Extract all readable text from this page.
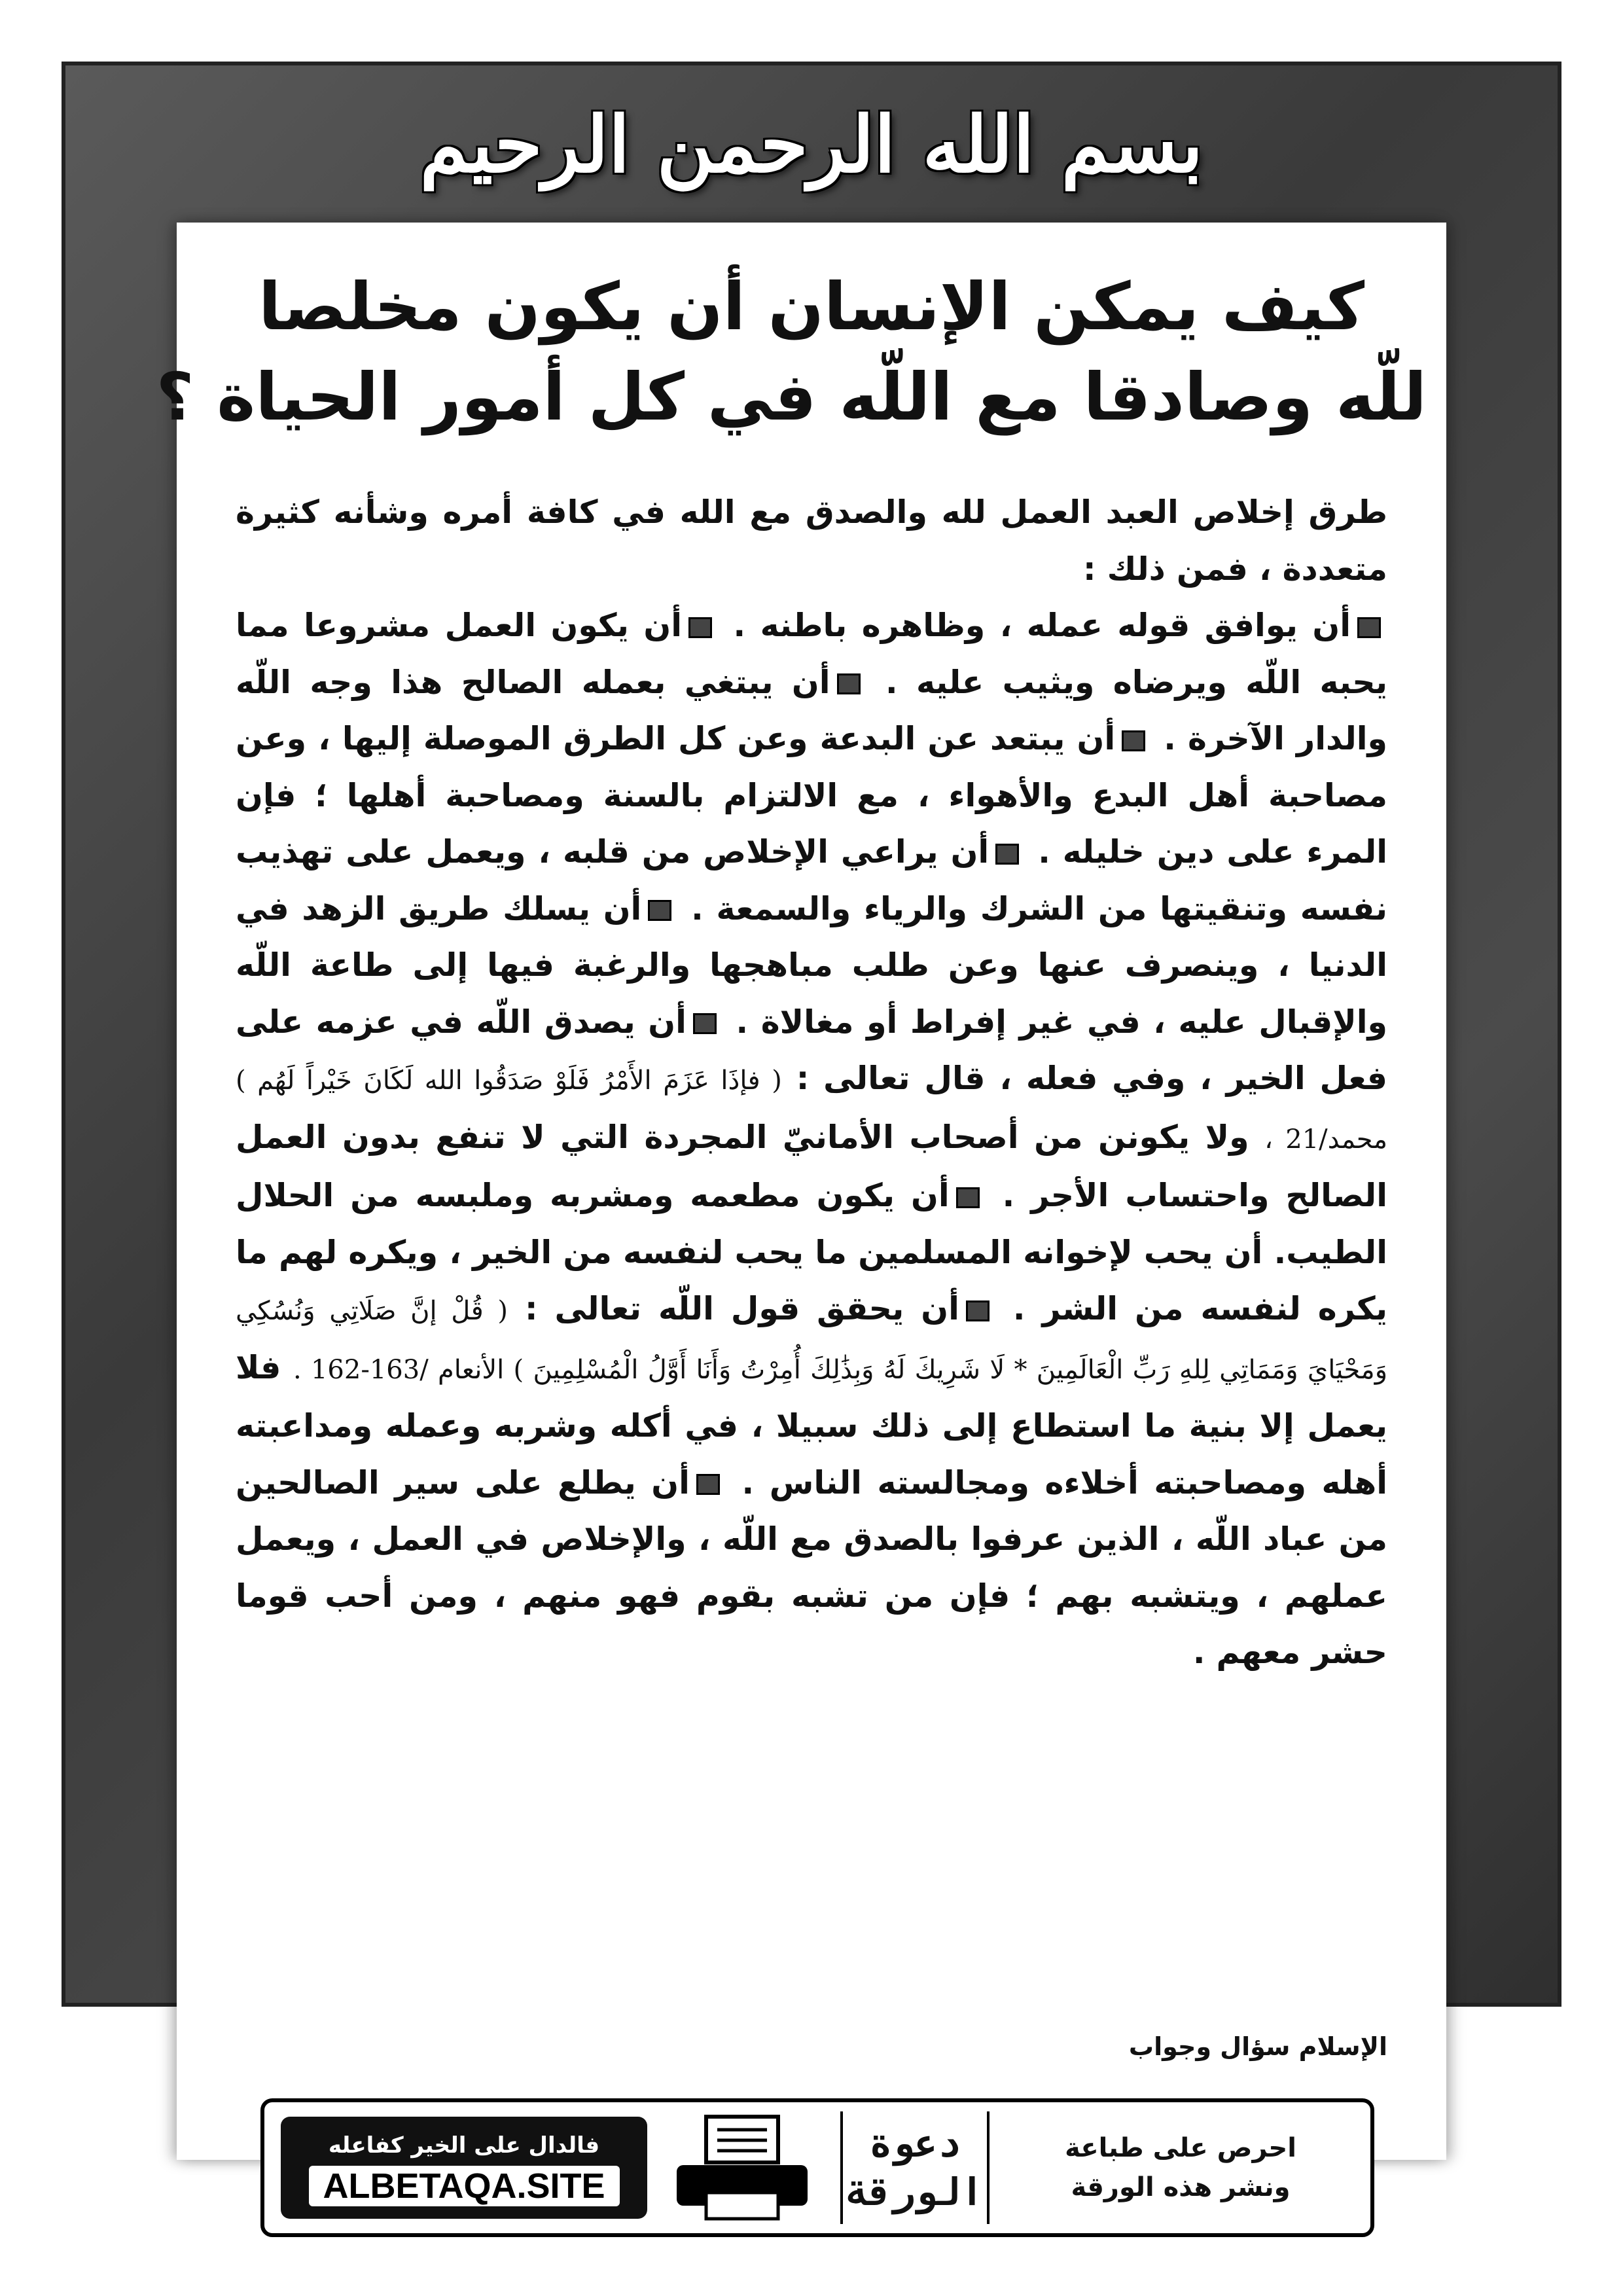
بسم الله الرحمن الرحيم
كيف يمكن الإنسان أن يكون مخلصا
للّه وصادقا مع اللّه في كل أمور الحياة ؟
طرق إخلاص العبد العمل لله والصدق مع الله في كافة أمره وشأنه كثيرة متعددة ، فمن ذلك :
أن يوافق قوله عمله ، وظاهره باطنه . أن يكون العمل مشروعا مما يحبه اللّه ويرضاه ويثيب عليه . أن يبتغي بعمله الصالح هذا وجه اللّه والدار الآخرة . أن يبتعد عن البدعة وعن كل الطرق الموصلة إليها ، وعن مصاحبة أهل البدع والأهواء ، مع الالتزام بالسنة ومصاحبة أهلها ؛ فإن المرء على دين خليله . أن يراعي الإخلاص من قلبه ، ويعمل على تهذيب نفسه وتنقيتها من الشرك والرياء والسمعة . أن يسلك طريق الزهد في الدنيا ، وينصرف عنها وعن طلب مباهجها والرغبة فيها إلى طاعة اللّه والإقبال عليه ، في غير إفراط أو مغالاة . أن يصدق اللّه في عزمه على فعل الخير ، وفي فعله ، قال تعالى : ( فإذَا عَزَمَ الأَمْرُ فَلَوْ صَدَقُوا الله لَكَانَ خَيْراً لَهُم ) محمد/21 ، ولا يكونن من أصحاب الأمانيّ المجردة التي لا تنفع بدون العمل الصالح واحتساب الأجر . أن يكون مطعمه ومشربه وملبسه من الحلال الطيب. أن يحب لإخوانه المسلمين ما يحب لنفسه من الخير ، ويكره لهم ما يكره لنفسه من الشر . أن يحقق قول اللّه تعالى : ( قُلْ إنَّ صَلَاتِي وَنُسُكِي وَمَحْيَايَ وَمَمَاتِي لِلهِ رَبِّ الْعَالَمِينَ * لَا شَرِيكَ لَهُ وَبِذَٰلِكَ أُمِرْتُ وَأَنَا أَوَّلُ الْمُسْلِمِينَ ) الأنعام /163-162 . فلا يعمل إلا بنية ما استطاع إلى ذلك سبيلا ، في أكله وشربه وعمله ومداعبته أهله ومصاحبته أخلاءه ومجالسته الناس . أن يطلع على سير الصالحين من عباد اللّه ، الذين عرفوا بالصدق مع اللّه ، والإخلاص في العمل ، ويعمل عملهم ، ويتشبه بهم ؛ فإن من تشبه بقوم فهو منهم ، ومن أحب قوما حشر معهم .
الإسلام سؤال وجواب
احرص على طباعة
ونشر هذه الورقة
دعوة
الورقة
فالدال على الخير كفاعله
ALBETAQA.SITE
